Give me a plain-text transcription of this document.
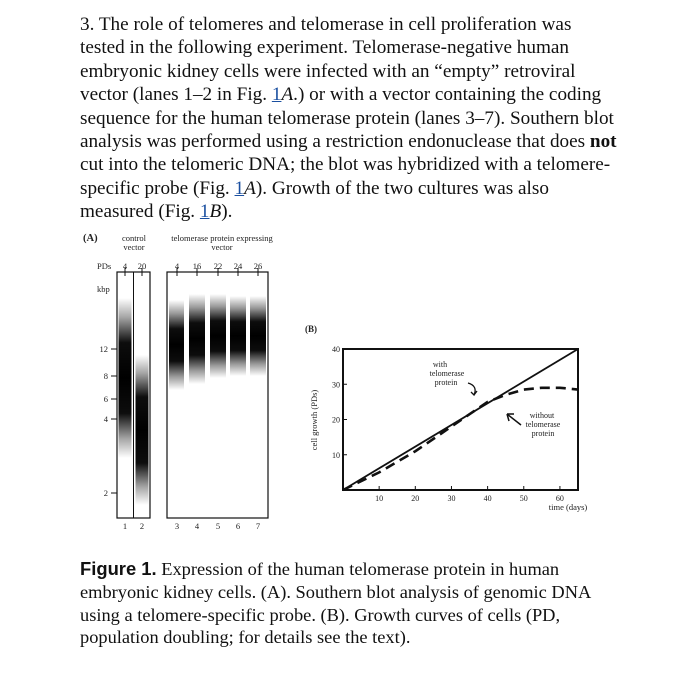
3. The role of telomeres and telomerase in cell proliferation was tested in the following experiment. Telomerase-negative human embryonic kidney cells were infected with an “empty” retroviral vector (lanes 1–2 in Fig. 1A.) or with a vector containing the coding sequence for the human telomerase protein (lanes 3–7). Southern blot analysis was performed using a restriction endonuclease that does not cut into the telomeric DNA; the blot was hybridized with a telomere-specific probe (Fig. 1A). Growth of the two cultures was also measured (Fig. 1B).

(A)	control
vector
telomerase protein expressing
vector
PDs 4 20	4 16 22 24 26
kbp
12
8
6
4
2
1 2	3 4 5 6 7
(B)
cell growth (PDs)
time (days)
10	20	30	40	50	60
10
20
30
40
with
telomerase
protein
without
telomerase
protein

Figure 1. Expression of the human telomerase protein in human embryonic kidney cells. (A). Southern blot analysis of genomic DNA using a telomere-specific probe. (B). Growth curves of cells (PD, population doubling; for details see the text).
